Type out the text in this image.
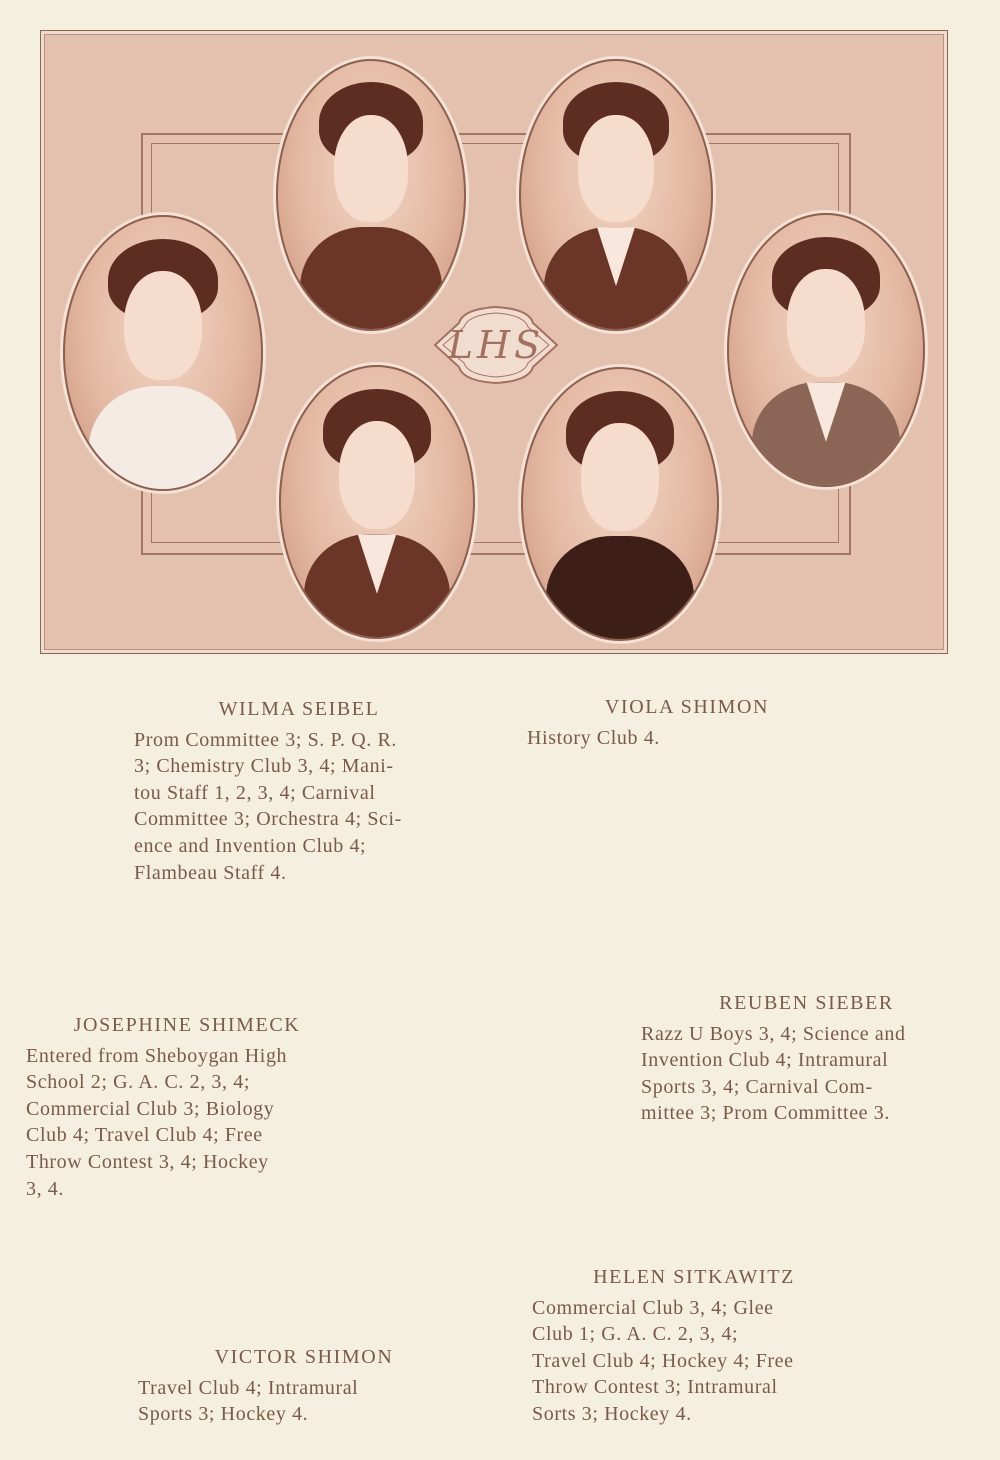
LHS
WILMA SEIBEL
Prom Committee 3; S. P. Q. R.
3; Chemistry Club 3, 4; Mani-
tou Staff 1, 2, 3, 4; Carnival
Committee 3; Orchestra 4; Sci-
ence and Invention Club 4;
Flambeau Staff 4.
VIOLA SHIMON
History Club 4.
JOSEPHINE SHIMECK
Entered from Sheboygan High
School 2; G. A. C. 2, 3, 4;
Commercial Club 3; Biology
Club 4; Travel Club 4; Free
Throw Contest 3, 4; Hockey
3, 4.
REUBEN SIEBER
Razz U Boys 3, 4; Science and
Invention Club 4; Intramural
Sports 3, 4; Carnival Com-
mittee 3; Prom Committee 3.
HELEN SITKAWITZ
Commercial Club 3, 4; Glee
Club 1; G. A. C. 2, 3, 4;
Travel Club 4; Hockey 4; Free
Throw Contest 3; Intramural
Sorts 3; Hockey 4.
VICTOR SHIMON
Travel Club 4; Intramural
Sports 3; Hockey 4.
